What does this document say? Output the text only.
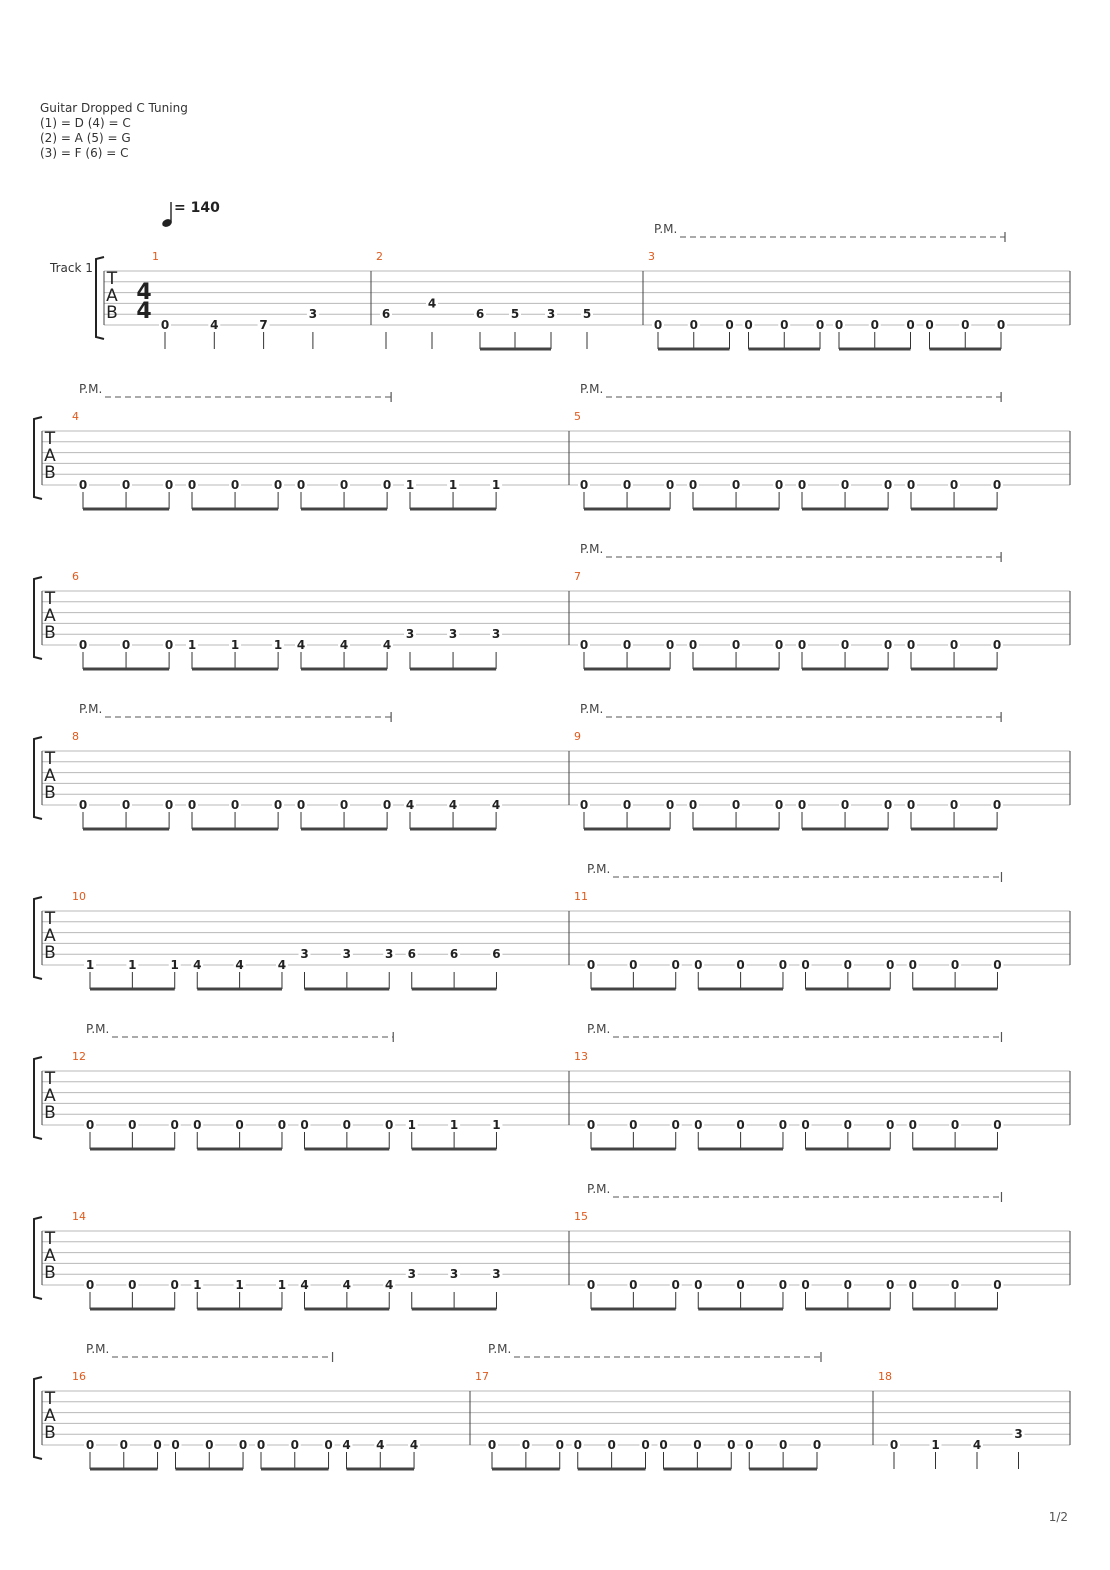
Guitar Dropped C Tuning
(1) = D (4) = C
(2) = A (5) = G
(3) = F (6) = C
= 140
Track 1
T
A
B
4
4
1
0	4	7
3
2
6
4
6 5 3 5
3
0 0 0 0 0 0 0 0 0 0 0 0
P.M.
T
A
B
4
0	0	0 0	0	0 0	0	0 1	1	1
P.M.
5
0	0	0 0	0	0 0	0	0 0	0	0
P.M.
T
A
B
6
0	0	0 1	1	1 4	4	4
3	3	3
7
0	0	0 0	0	0 0	0	0 0	0	0
P.M.
T
A
B
8
0	0	0 0	0	0 0	0	0 4	4	4
P.M.
9
0	0	0 0	0	0 0	0	0 0	0	0
P.M.
T
A
B
10
1	1	1 4	4	4
3	3	3 6	6	6
11
0	0	0 0	0	0 0	0	0 0	0	0
P.M.
T
A
B
12
0	0	0 0	0	0 0	0	0 1	1	1
P.M.
13
0	0	0 0	0	0 0	0	0 0	0	0
P.M.
T
A
B
14
0	0	0 1	1	1 4	4	4
3	3	3
15
0	0	0 0	0	0 0	0	0 0	0	0
P.M.
T
A
B
16
0 0 0 0 0 0 0 0 0 4 4 4
P.M.
17
0 0 0 0 0 0 0 0 0 0 0 0
P.M.
18
0	1	4
3
1/2
